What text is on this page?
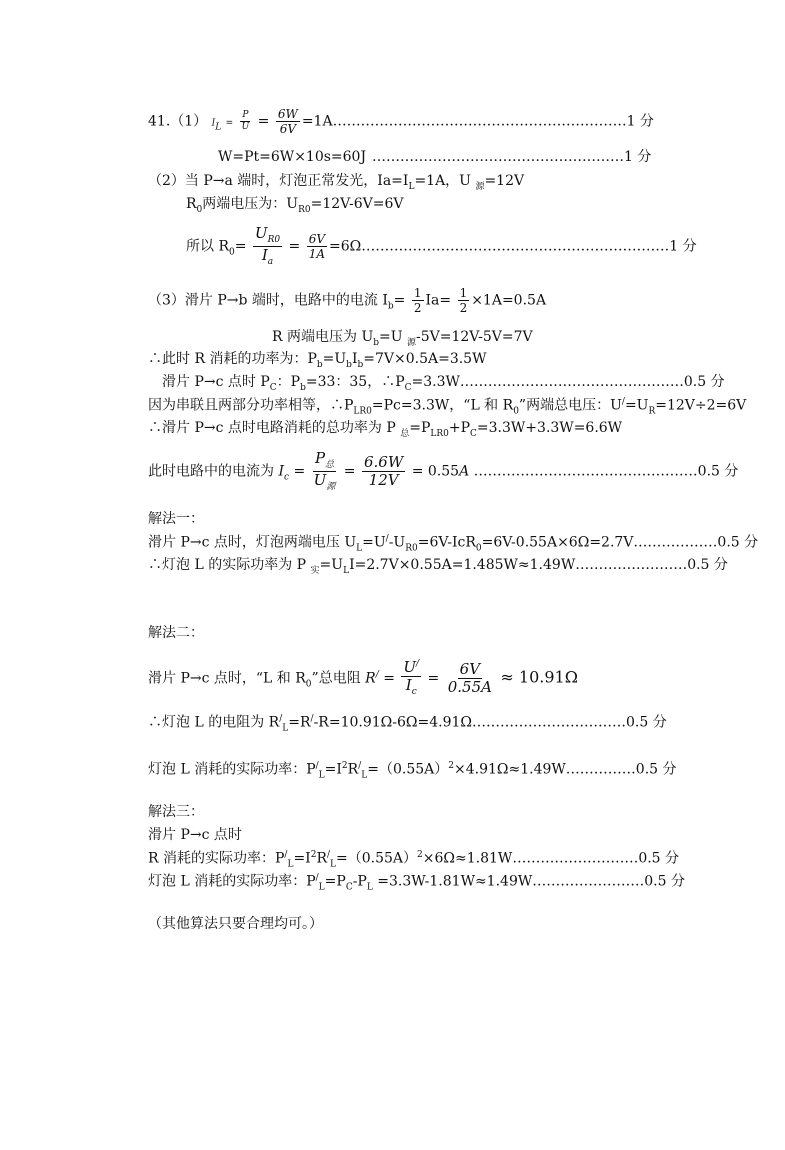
41.（1） $I_L = \frac{P}{U} = \frac{6W}{6V}$ =1A………………………………………………………1 分
W=Pt=6W×10s=60J ………………………………………………1 分
（2）当 P→a 端时，灯泡正常发光，$Ia=I_L=1A$，U $_源$=12V
$R_0$两端电压为：$U_{R0}=12V-6V=6V$
所以 $R_0= \frac{U_{R0}}{I_a} = \frac{6V}{1A}$ =6Ω…………………………………………………………1 分
（3）滑片 P→b 端时，电路中的电流 $I_b= \frac{1}{2} Ia= \frac{1}{2} \times 1A=0.5A$
R 两端电压为 $U_b=U$ $_源$-5V=12V-5V=7V
∴此时 R 消耗的功率为：$P_b=U_bI_b=7V\times 0.5A=3.5W$
滑片 P→c 点时 $P_C$：$P_b=33$：35，$\therefore P_C=3.3W\dots\dots\dots\dots\dots\dots\dots\dots\dots\dots\dots\dots\dots\dots\dots\dots 0.5$ 分
因为串联且两部分功率相等，$\therefore P_{LR0}=Pc=3.3W$，“L 和 $R_0$”两端总电压：$U^/=U_R=12V\div 2=6V$
∴滑片 P→c 点时电路消耗的总功率为 P $_总=P_{LR0}+P_C=3.3W+3.3W=6.6W$
此时电路中的电流为 $I_c = \frac{P_总}{U_源} = \frac{6.6W}{12V} = 0.55A$ …………………………………………0.5 分
解法一：
滑片 P→c 点时，灯泡两端电压 $U_L=U^/-U_{R0}=6V-IcR_0=6V-0.55A\times 6\Omega=2.7V\dots\dots\dots\dots\dots\dots 0.5$ 分
∴灯泡 L 的实际功率为 P $_实=U_LI=2.7V\times 0.55A=1.485W\approx 1.49W\dots\dots\dots\dots\dots\dots\dots\dots 0.5$ 分
解法二：
滑片 P→c 点时，“L 和 $R_0$”总电阻 $R^/ = \frac{U^/}{I_c} = \frac{6V}{0.55A} \approx 10.91\Omega$
∴灯泡 L 的电阻为 $R^/_L=R^/-R=10.91\Omega-6\Omega=4.91\Omega\dots\dots\dots\dots\dots\dots\dots\dots\dots\dots\dots 0.5$ 分
灯泡 L 消耗的实际功率：$P^/_L=I^2R^/_L=(0.55A)^2\times 4.91\Omega\approx 1.49W\dots\dots\dots\dots\dots 0.5$ 分
解法三：
滑片 P→c 点时
R 消耗的实际功率：$P^/_L=I^2R^/_L=(0.55A)^2\times 6\Omega\approx 1.81W\dots\dots\dots\dots\dots\dots\dots\dots\dots 0.5$ 分
灯泡 L 消耗的实际功率：$P^/_L=P_C-P_L$ =3.3W-1.81W≈1.49W……………………0.5 分
（其他算法只要合理均可。）
